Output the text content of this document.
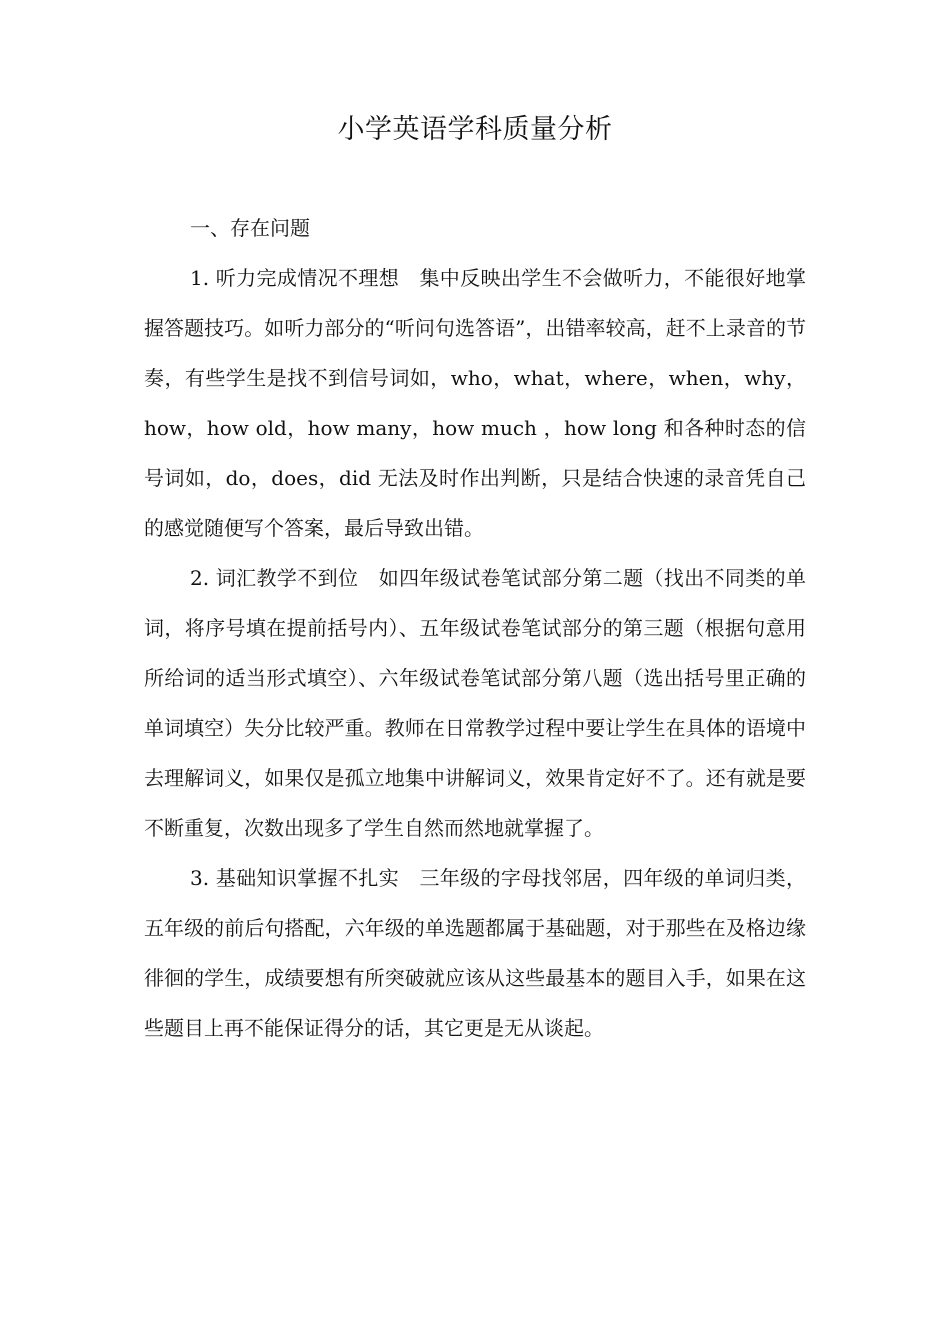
小学英语学科质量分析

一、存在问题

1. 听力完成情况不理想　集中反映出学生不会做听力，不能很好地掌握答题技巧。如听力部分的“听问句选答语”，出错率较高，赶不上录音的节奏，有些学生是找不到信号词如，who，what，where，when，why，how，how old，how many，how much ，how long 和各种时态的信号词如，do，does，did 无法及时作出判断，只是结合快速的录音凭自己的感觉随便写个答案，最后导致出错。

2. 词汇教学不到位　如四年级试卷笔试部分第二题（找出不同类的单词，将序号填在提前括号内）、五年级试卷笔试部分的第三题（根据句意用所给词的适当形式填空）、六年级试卷笔试部分第八题（选出括号里正确的单词填空）失分比较严重。教师在日常教学过程中要让学生在具体的语境中去理解词义，如果仅是孤立地集中讲解词义，效果肯定好不了。还有就是要不断重复，次数出现多了学生自然而然地就掌握了。

3. 基础知识掌握不扎实　三年级的字母找邻居，四年级的单词归类，五年级的前后句搭配，六年级的单选题都属于基础题，对于那些在及格边缘徘徊的学生，成绩要想有所突破就应该从这些最基本的题目入手，如果在这些题目上再不能保证得分的话，其它更是无从谈起。
